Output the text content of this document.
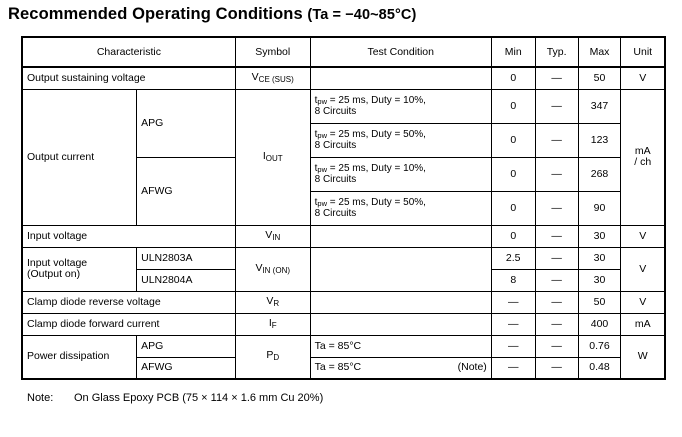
Recommended Operating Conditions (Ta = −40~85°C)
Characteristic		Symbol	Test Condition	Min	Typ.	Max	Unit
Output sustaining voltage		$V_{CE (SUS)}$		0	—	50	V
Output current	APG	$I_{OUT}$	$t_{pw} = 25$ ms, Duty = 10%,
8 Circuits	0	—	347	mA / ch
			$t_{pw} = 25$ ms, Duty = 50%,
8 Circuits	0	—	123	
	AFWG		$t_{pw} = 25$ ms, Duty = 10%,
8 Circuits	0	—	268	
			$t_{pw} = 25$ ms, Duty = 50%,
8 Circuits	0	—	90	
Input voltage		$V_{IN}$		0	—	30	V
Input voltage
(Output on)	ULN2803A	$V_{IN (ON)}$		2.5	—	30	V
	ULN2804A			8	—	30	
Clamp diode reverse voltage		$V_R$		—	—	50	V
Clamp diode forward current		$I_F$		—	—	400	mA
Power dissipation	APG	$P_D$	Ta = 85°C	—	—	0.76	W
	AFWG		Ta = 85°C (Note)	—	—	0.48	
Note: On Glass Epoxy PCB (75 × 114 × 1.6 mm Cu 20%)
